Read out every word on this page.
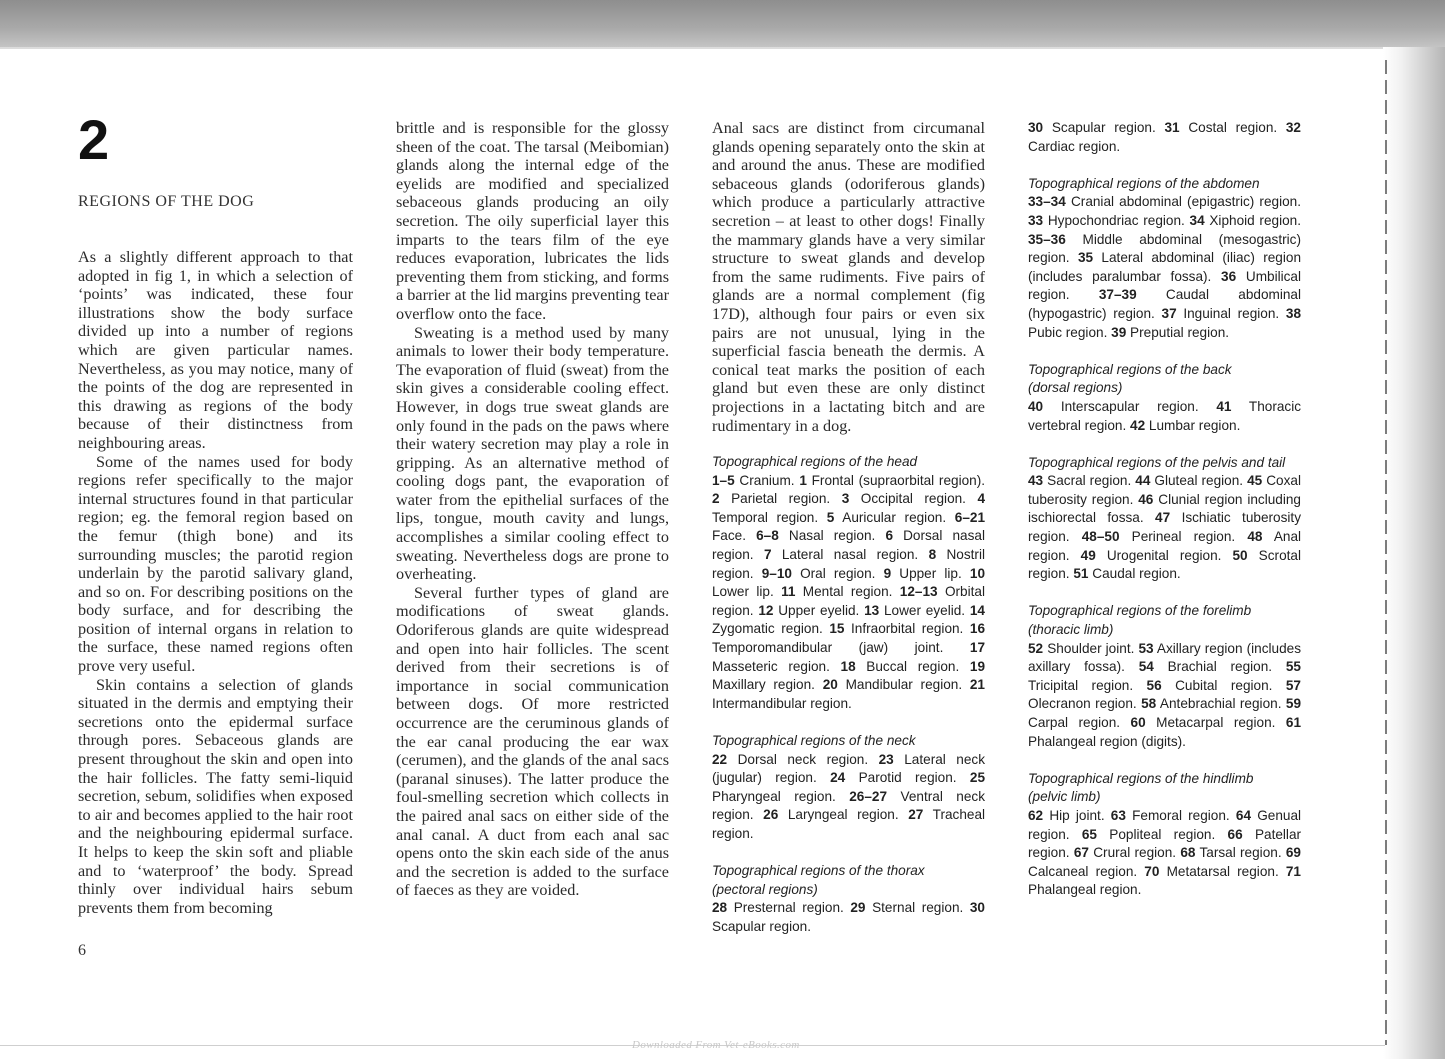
2
REGIONS OF THE DOG

As a slightly different approach to that adopted in fig 1, in which a selection of ‘points’ was indicated, these four illustrations show the body surface divided up into a number of regions which are given particular names. Nevertheless, as you may notice, many of the points of the dog are represented in this drawing as regions of the body because of their distinctness from neighbouring areas.

Some of the names used for body regions refer specifically to the major internal structures found in that particular region; eg. the femoral region based on the femur (thigh bone) and its surrounding muscles; the parotid region underlain by the parotid salivary gland, and so on. For describing positions on the body surface, and for describing the position of internal organs in relation to the surface, these named regions often prove very useful.

Skin contains a selection of glands situated in the dermis and emptying their secretions onto the epidermal surface through pores. Sebaceous glands are present throughout the skin and open into the hair follicles. The fatty semi-liquid secretion, sebum, solidifies when exposed to air and becomes applied to the hair root and the neighbouring epidermal surface. It helps to keep the skin soft and pliable and to ‘waterproof’ the body. Spread thinly over individual hairs sebum prevents them from becoming

brittle and is responsible for the glossy sheen of the coat. The tarsal (Meibomian) glands along the internal edge of the eyelids are modified and specialized sebaceous glands producing an oily secretion. The oily superficial layer this imparts to the tears film of the eye reduces evaporation, lubricates the lids preventing them from sticking, and forms a barrier at the lid margins preventing tear overflow onto the face.

Sweating is a method used by many animals to lower their body temperature. The evaporation of fluid (sweat) from the skin gives a considerable cooling effect. However, in dogs true sweat glands are only found in the pads on the paws where their watery secretion may play a role in gripping. As an alternative method of cooling dogs pant, the evaporation of water from the epithelial surfaces of the lips, tongue, mouth cavity and lungs, accomplishes a similar cooling effect to sweating. Nevertheless dogs are prone to overheating.

Several further types of gland are modifications of sweat glands. Odoriferous glands are quite widespread and open into hair follicles. The scent derived from their secretions is of importance in social communication between dogs. Of more restricted occurrence are the ceruminous glands of the ear canal producing the ear wax (cerumen), and the glands of the anal sacs (paranal sinuses). The latter produce the foul-smelling secretion which collects in the paired anal sacs on either side of the anal canal. A duct from each anal sac opens onto the skin each side of the anus and the secretion is added to the surface of faeces as they are voided.

Anal sacs are distinct from circumanal glands opening separately onto the skin at and around the anus. These are modified sebaceous glands (odoriferous glands) which produce a particularly attractive secretion – at least to other dogs! Finally the mammary glands have a very similar structure to sweat glands and develop from the same rudiments. Five pairs of glands are a normal complement (fig 17D), although four pairs or even six pairs are not unusual, lying in the superficial fascia beneath the dermis. A conical teat marks the position of each gland but even these are only distinct projections in a lactating bitch and are rudimentary in a dog.

Topographical regions of the head
1–5 Cranium. 1 Frontal (supraorbital region). 2 Parietal region. 3 Occipital region. 4 Temporal region. 5 Auricular region. 6–21 Face. 6–8 Nasal region. 6 Dorsal nasal region. 7 Lateral nasal region. 8 Nostril region. 9–10 Oral region. 9 Upper lip. 10 Lower lip. 11 Mental region. 12–13 Orbital region. 12 Upper eyelid. 13 Lower eyelid. 14 Zygomatic region. 15 Infraorbital region. 16 Temporomandibular (jaw) joint. 17 Masseteric region. 18 Buccal region. 19 Maxillary region. 20 Mandibular region. 21 Intermandibular region.
Topographical regions of the neck
22 Dorsal neck region. 23 Lateral neck (jugular) region. 24 Parotid region. 25 Pharyngeal region. 26–27 Ventral neck region. 26 Laryngeal region. 27 Tracheal region.
Topographical regions of the thorax
(pectoral regions)
28 Presternal region. 29 Sternal region. 30 Scapular region.
30 Scapular region. 31 Costal region. 32 Cardiac region.
Topographical regions of the abdomen
33–34 Cranial abdominal (epigastric) region. 33 Hypochondriac region. 34 Xiphoid region. 35–36 Middle abdominal (mesogastric) region. 35 Lateral abdominal (iliac) region (includes paralumbar fossa). 36 Umbilical region. 37–39 Caudal abdominal (hypogastric) region. 37 Inguinal region. 38 Pubic region. 39 Preputial region.
Topographical regions of the back
(dorsal regions)
40 Interscapular region. 41 Thoracic vertebral region. 42 Lumbar region.
Topographical regions of the pelvis and tail
43 Sacral region. 44 Gluteal region. 45 Coxal tuberosity region. 46 Clunial region including ischiorectal fossa. 47 Ischiatic tuberosity region. 48–50 Perineal region. 48 Anal region. 49 Urogenital region. 50 Scrotal region. 51 Caudal region.
Topographical regions of the forelimb
(thoracic limb)
52 Shoulder joint. 53 Axillary region (includes axillary fossa). 54 Brachial region. 55 Tricipital region. 56 Cubital region. 57 Olecranon region. 58 Antebrachial region. 59 Carpal region. 60 Metacarpal region. 61 Phalangeal region (digits).
Topographical regions of the hindlimb
(pelvic limb)
62 Hip joint. 63 Femoral region. 64 Genual region. 65 Popliteal region. 66 Patellar region. 67 Crural region. 68 Tarsal region. 69 Calcaneal region. 70 Metatarsal region. 71 Phalangeal region.
6
Downloaded From Vet-eBooks.com
